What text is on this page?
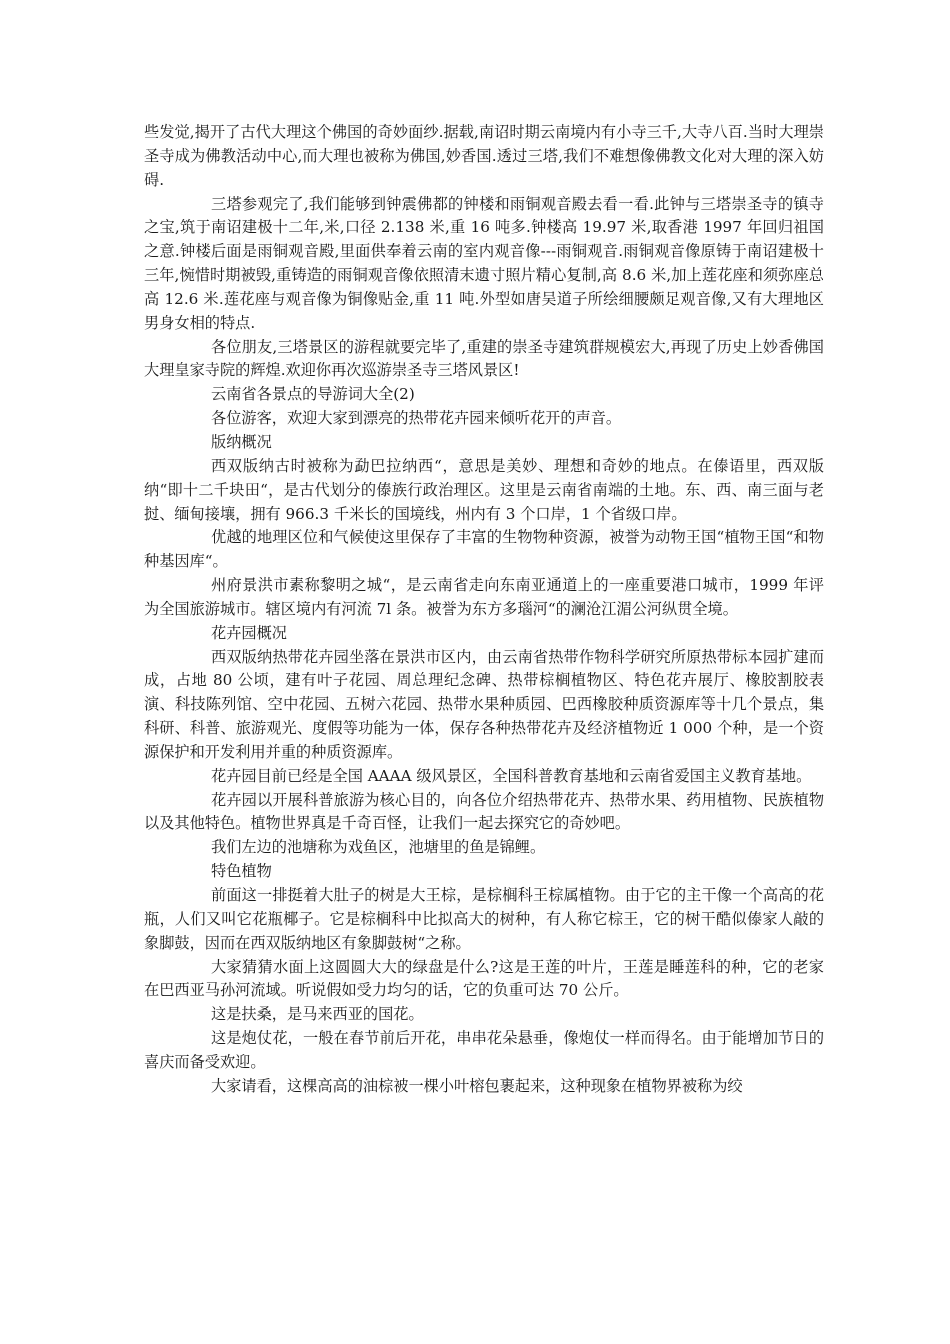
些发觉,揭开了古代大理这个佛国的奇妙面纱.据载,南诏时期云南境内有小寺三千,大寺八百.当时大理崇圣寺成为佛教活动中心,而大理也被称为佛国,妙香国.透过三塔,我们不难想像佛教文化对大理的深入妨碍.

三塔参观完了,我们能够到钟震佛都的钟楼和雨铜观音殿去看一看.此钟与三塔崇圣寺的镇寺之宝,筑于南诏建极十二年,米,口径 2.138 米,重 16 吨多.钟楼高 19.97 米,取香港 1997 年回归祖国之意.钟楼后面是雨铜观音殿,里面供奉着云南的室内观音像---雨铜观音.雨铜观音像原铸于南诏建极十三年,惋惜时期被毁,重铸造的雨铜观音像依照清末遗寸照片精心复制,高 8.6 米,加上莲花座和须弥座总高 12.6 米.莲花座与观音像为铜像贴金,重 11 吨.外型如唐吴道子所绘细腰颇足观音像,又有大理地区男身女相的特点.

各位朋友,三塔景区的游程就要完毕了,重建的崇圣寺建筑群规模宏大,再现了历史上妙香佛国大理皇家寺院的辉煌.欢迎你再次巡游崇圣寺三塔风景区!

云南省各景点的导游词大全(2)

各位游客，欢迎大家到漂亮的热带花卉园来倾听花开的声音。

版纳概况

西双版纳古时被称为勐巴拉纳西“，意思是美妙、理想和奇妙的地点。在傣语里，西双版纳“即十二千块田“，是古代划分的傣族行政治理区。这里是云南省南端的土地。东、西、南三面与老挝、缅甸接壤，拥有 966.3 千米长的国境线，州内有 3 个口岸，1 个省级口岸。

优越的地理区位和气候使这里保存了丰富的生物物种资源，被誉为动物王国“植物王国“和物种基因库“。

州府景洪市素称黎明之城“，是云南省走向东南亚通道上的一座重要港口城市，1999 年评为全国旅游城市。辖区境内有河流 7l 条。被誉为东方多瑙河“的澜沧江湄公河纵贯全境。

花卉园概况

西双版纳热带花卉园坐落在景洪市区内，由云南省热带作物科学研究所原热带标本园扩建而成，占地 80 公顷，建有叶子花园、周总理纪念碑、热带棕榈植物区、特色花卉展厅、橡胶割胶表演、科技陈列馆、空中花园、五树六花园、热带水果种质园、巴西橡胶种质资源库等十几个景点，集科研、科普、旅游观光、度假等功能为一体，保存各种热带花卉及经济植物近 1 000 个种，是一个资源保护和开发利用并重的种质资源库。

花卉园目前已经是全国 AAAA 级风景区，全国科普教育基地和云南省爱国主义教育基地。

花卉园以开展科普旅游为核心目的，向各位介绍热带花卉、热带水果、药用植物、民族植物以及其他特色。植物世界真是千奇百怪，让我们一起去探究它的奇妙吧。

我们左边的池塘称为戏鱼区，池塘里的鱼是锦鲤。

特色植物

前面这一排挺着大肚子的树是大王棕，是棕榈科王棕属植物。由于它的主干像一个高高的花瓶，人们又叫它花瓶椰子。它是棕榈科中比拟高大的树种，有人称它棕王，它的树干酷似傣家人敲的象脚鼓，因而在西双版纳地区有象脚鼓树“之称。

大家猜猜水面上这圆圆大大的绿盘是什么?这是王莲的叶片，王莲是睡莲科的种，它的老家在巴西亚马孙河流域。听说假如受力均匀的话，它的负重可达 70 公斤。

这是扶桑，是马来西亚的国花。

这是炮仗花，一般在春节前后开花，串串花朵悬垂，像炮仗一样而得名。由于能增加节日的喜庆而备受欢迎。

大家请看，这棵高高的油棕被一棵小叶榕包裹起来，这种现象在植物界被称为绞
